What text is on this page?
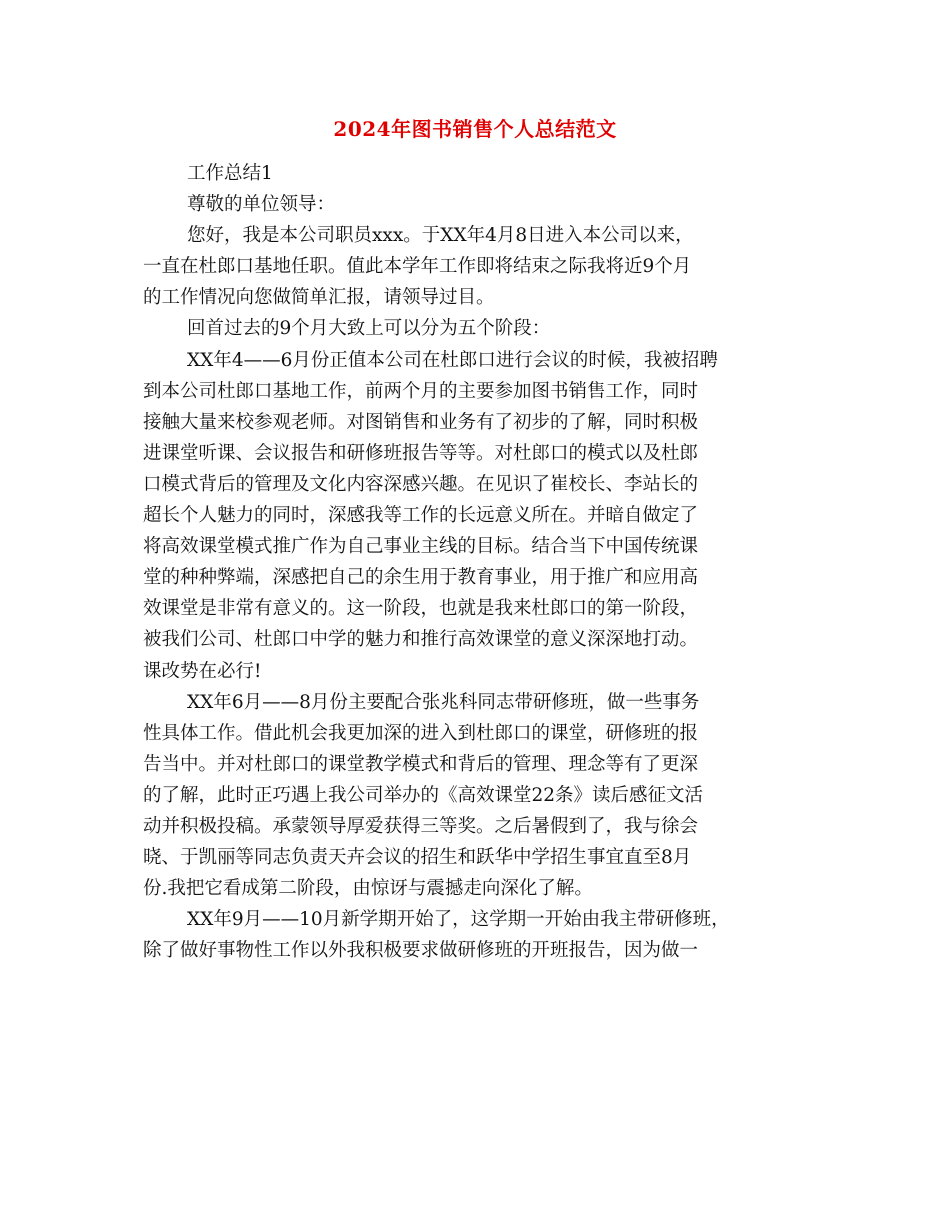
2024年图书销售个人总结范文
工作总结1
尊敬的单位领导：
您好，我是本公司职员xxx。于XX年4月8日进入本公司以来，
一直在杜郎口基地任职。值此本学年工作即将结束之际我将近9个月
的工作情况向您做简单汇报，请领导过目。
回首过去的9个月大致上可以分为五个阶段：
XX年4——6月份正值本公司在杜郎口进行会议的时候，我被招聘
到本公司杜郎口基地工作，前两个月的主要参加图书销售工作，同时
接触大量来校参观老师。对图销售和业务有了初步的了解，同时积极
进课堂听课、会议报告和研修班报告等等。对杜郎口的模式以及杜郎
口模式背后的管理及文化内容深感兴趣。在见识了崔校长、李站长的
超长个人魅力的同时，深感我等工作的长远意义所在。并暗自做定了
将高效课堂模式推广作为自己事业主线的目标。结合当下中国传统课
堂的种种弊端，深感把自己的余生用于教育事业，用于推广和应用高
效课堂是非常有意义的。这一阶段，也就是我来杜郎口的第一阶段，
被我们公司、杜郎口中学的魅力和推行高效课堂的意义深深地打动。
课改势在必行!
XX年6月——8月份主要配合张兆科同志带研修班，做一些事务
性具体工作。借此机会我更加深的进入到杜郎口的课堂，研修班的报
告当中。并对杜郎口的课堂教学模式和背后的管理、理念等有了更深
的了解，此时正巧遇上我公司举办的《高效课堂22条》读后感征文活
动并积极投稿。承蒙领导厚爱获得三等奖。之后暑假到了，我与徐会
晓、于凯丽等同志负责天卉会议的招生和跃华中学招生事宜直至8月
份.我把它看成第二阶段，由惊讶与震撼走向深化了解。
XX年9月——10月新学期开始了，这学期一开始由我主带研修班，
除了做好事物性工作以外我积极要求做研修班的开班报告，因为做一
